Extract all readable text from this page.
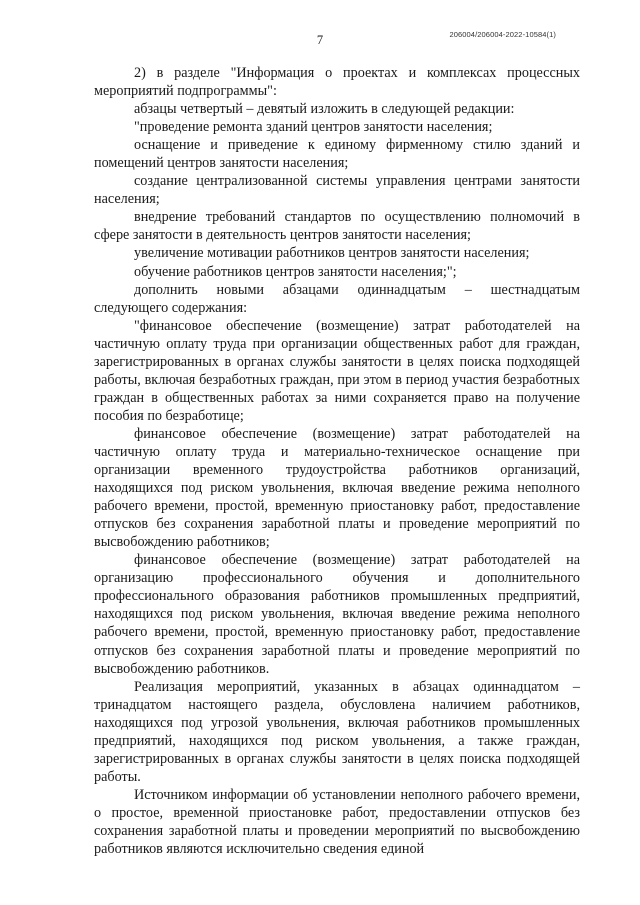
206004/206004-2022-10584(1)
7

2) в разделе "Информация о проектах и комплексах процессных мероприятий подпрограммы":

абзацы четвертый – девятый изложить в следующей редакции:

"проведение ремонта зданий центров занятости населения;

оснащение и приведение к единому фирменному стилю зданий и помещений центров занятости населения;

создание централизованной системы управления центрами занятости населения;

внедрение требований стандартов по осуществлению полномочий в сфере занятости в деятельность центров занятости населения;

увеличение мотивации работников центров занятости населения;

обучение работников центров занятости населения;";

дополнить новыми абзацами одиннадцатым – шестнадцатым следующего содержания:

"финансовое обеспечение (возмещение) затрат работодателей на частичную оплату труда при организации общественных работ для граждан, зарегистрированных в органах службы занятости в целях поиска подходящей работы, включая безработных граждан, при этом в период участия безработных граждан в общественных работах за ними сохраняется право на получение пособия по безработице;

финансовое обеспечение (возмещение) затрат работодателей на частичную оплату труда и материально-техническое оснащение при организации временного трудоустройства работников организаций, находящихся под риском увольнения, включая введение режима неполного рабочего времени, простой, временную приостановку работ, предоставление отпусков без сохранения заработной платы и проведение мероприятий по высвобождению работников;

финансовое обеспечение (возмещение) затрат работодателей на организацию профессионального обучения и дополнительного профессионального образования работников промышленных предприятий, находящихся под риском увольнения, включая введение режима неполного рабочего времени, простой, временную приостановку работ, предоставление отпусков без сохранения заработной платы и проведение мероприятий по высвобождению работников.

Реализация мероприятий, указанных в абзацах одиннадцатом – тринадцатом настоящего раздела, обусловлена наличием работников, находящихся под угрозой увольнения, включая работников промышленных предприятий, находящихся под риском увольнения, а также граждан, зарегистрированных в органах службы занятости в целях поиска подходящей работы.

Источником информации об установлении неполного рабочего времени, о простое, временной приостановке работ, предоставлении отпусков без сохранения заработной платы и проведении мероприятий по высвобождению работников являются исключительно сведения единой
